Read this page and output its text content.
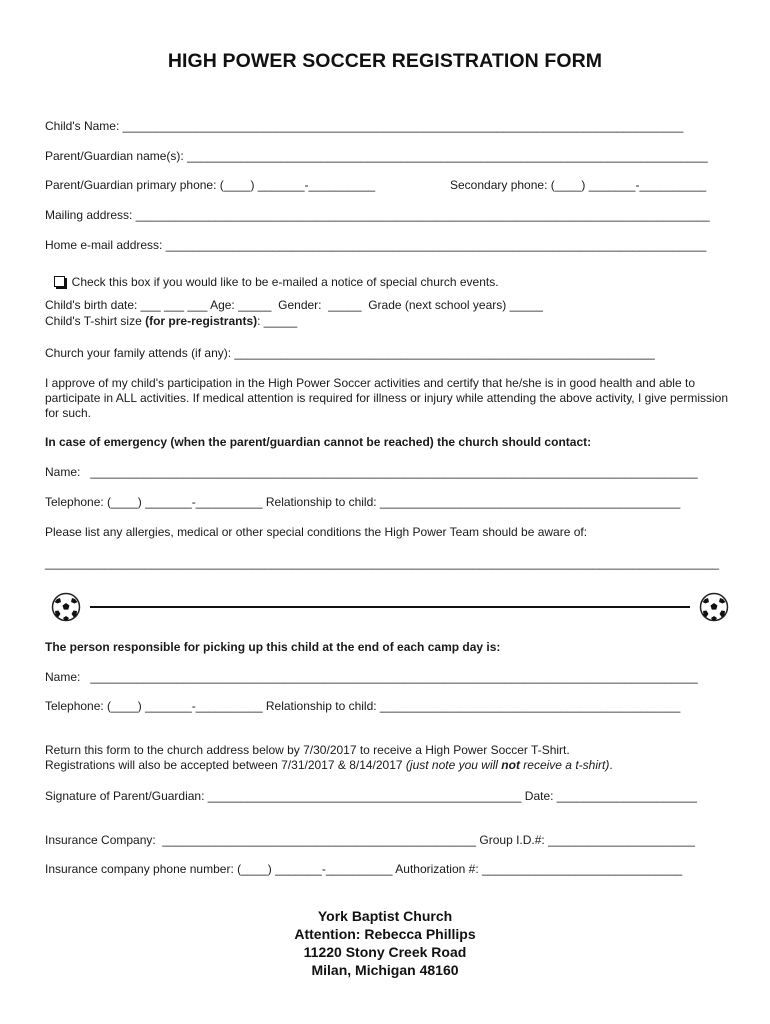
HIGH POWER SOCCER REGISTRATION FORM
Child's Name: ____________________________________________________________________________________
Parent/Guardian name(s): ______________________________________________________________________________
Parent/Guardian primary phone: (____) _______-__________	Secondary phone: (____) _______-__________
Mailing address: ______________________________________________________________________________________
Home e-mail address: _________________________________________________________________________________

Check this box if you would like to be e-mailed a notice of special church events.

Child's birth date: ___ ___ ___ Age: _____  Gender:  _____  Grade (next school years) _____
Child's T-shirt size (for pre-registrants): _____
Church your family attends (if any): _______________________________________________________________
I approve of my child's participation in the High Power Soccer activities and certify that he/she is in good health and able to participate in ALL activities. If medical attention is required for illness or injury while attending the above activity, I give permission for such.
In case of emergency (when the parent/guardian cannot be reached) the church should contact:
Name:   ___________________________________________________________________________________________
Telephone: (____) _______-__________ Relationship to child: _____________________________________________
Please list any allergies, medical or other special conditions the High Power Team should be aware of:
_____________________________________________________________________________________________________
The person responsible for picking up this child at the end of each camp day is:
Name:   ___________________________________________________________________________________________
Telephone: (____) _______-__________ Relationship to child: _____________________________________________
Return this form to the church address below by 7/30/2017 to receive a High Power Soccer T-Shirt.
Registrations will also be accepted between 7/31/2017 & 8/14/2017 (just note you will not receive a t-shirt).
Signature of Parent/Guardian: _______________________________________________ Date: _____________________
Insurance Company:  _______________________________________________ Group I.D.#: ______________________
Insurance company phone number: (____) _______-__________ Authorization #: ______________________________
York Baptist Church
Attention: Rebecca Phillips
11220 Stony Creek Road
Milan, Michigan 48160
